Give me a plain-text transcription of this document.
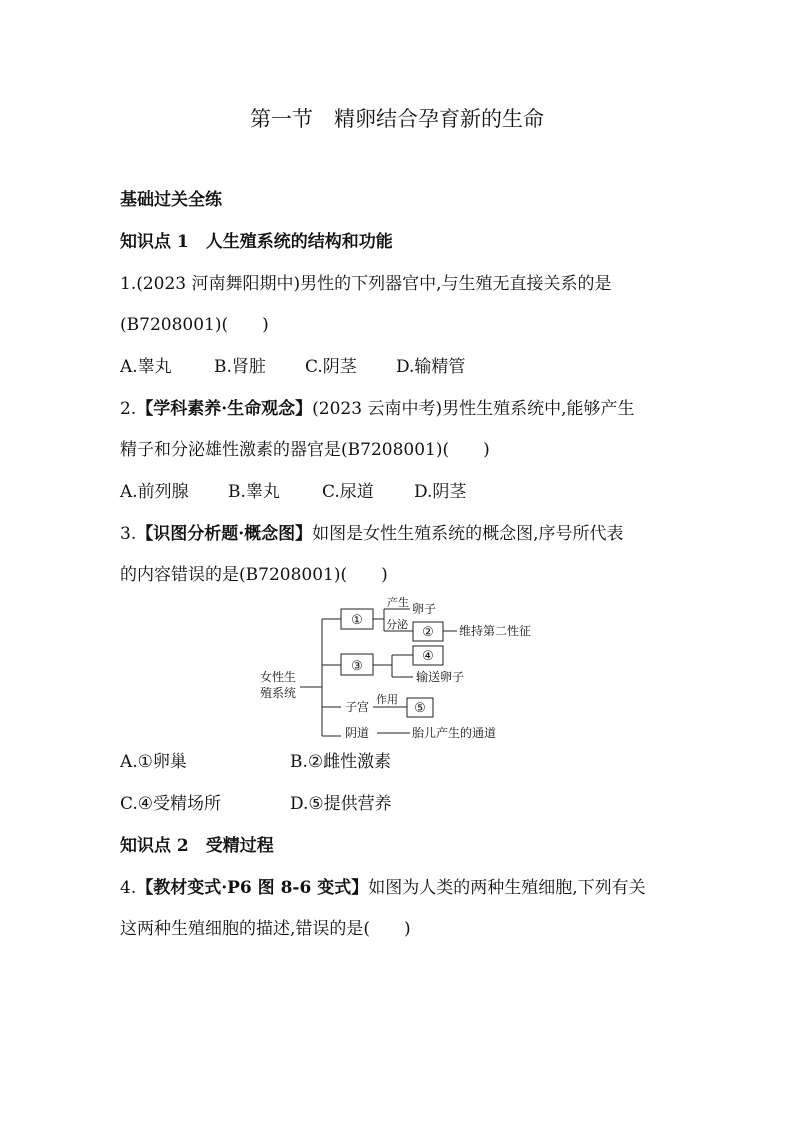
第一节　精卵结合孕育新的生命
基础过关全练
知识点 1　人生殖系统的结构和功能
1.(2023 河南舞阳期中)男性的下列器官中,与生殖无直接关系的是
(B7208001)( )
A.睾丸 B.肾脏 C.阴茎 D.输精管
2.【学科素养·生命观念】(2023 云南中考)男性生殖系统中,能够产生
精子和分泌雄性激素的器官是(B7208001)( )
A.前列腺 B.睾丸 C.尿道 D.阴茎
3.【识图分析题·概念图】如图是女性生殖系统的概念图,序号所代表
的内容错误的是(B7208001)( )
女性生
殖系统
①
产生 卵子
分泌
② 维持第二性征
③
④
输送卵子
子宫
作用
⑤
阴道	胎儿产生的通道
A.①卵巢	B.②雌性激素
C.④受精场所	D.⑤提供营养
知识点 2　受精过程
4.【教材变式·P6 图 8-6 变式】如图为人类的两种生殖细胞,下列有关
这两种生殖细胞的描述,错误的是( )
